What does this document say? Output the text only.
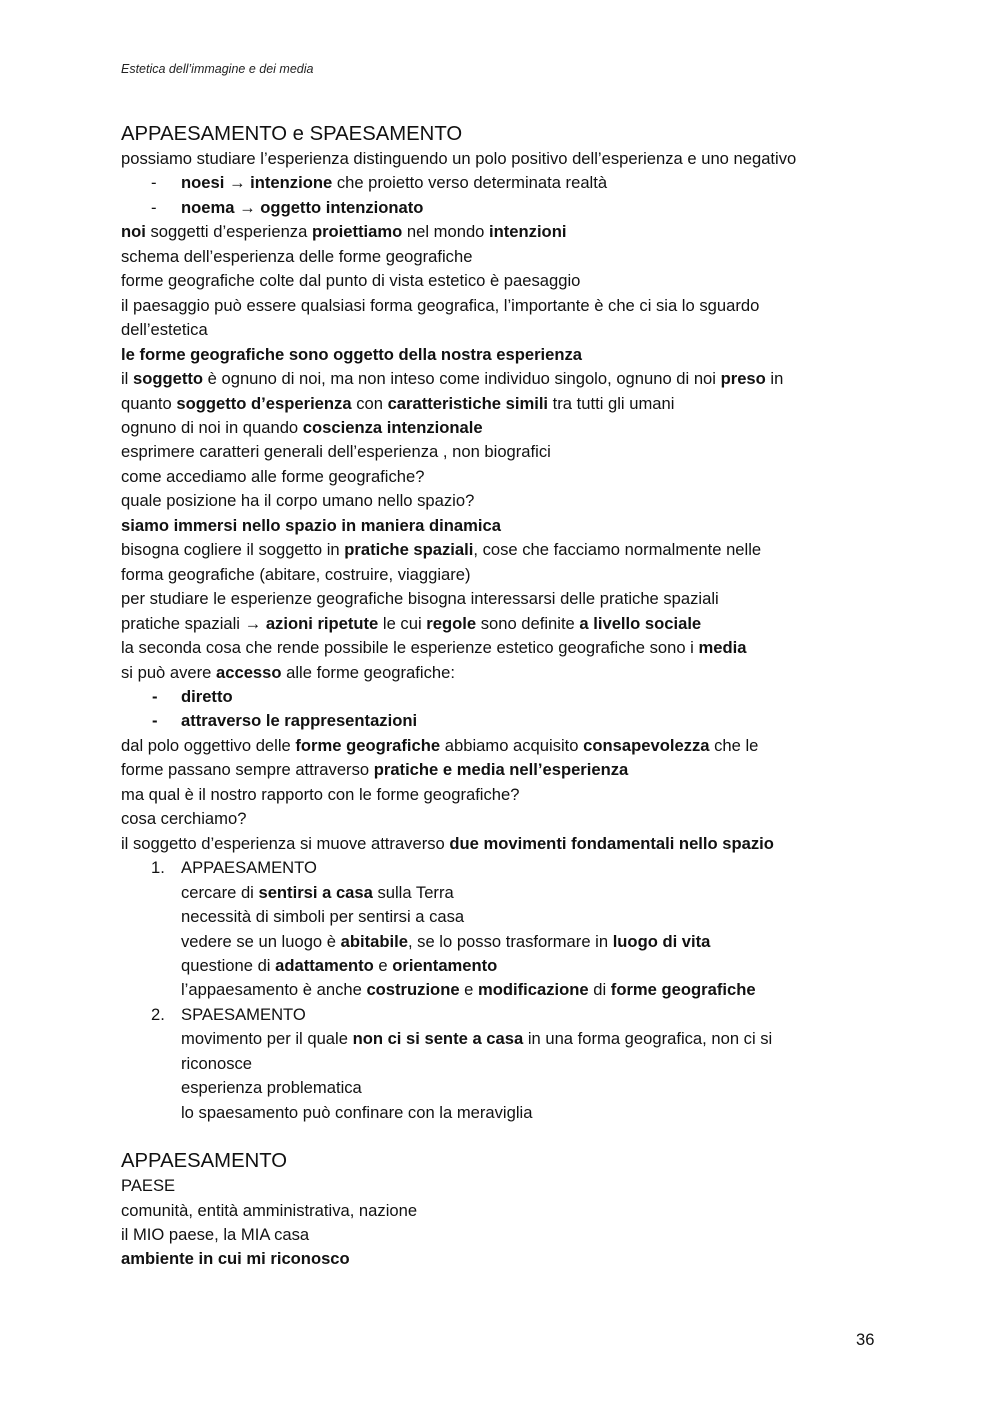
Estetica dell’immagine e dei media
APPAESAMENTO e SPAESAMENTO
possiamo studiare l’esperienza distinguendo un polo positivo dell’esperienza e uno negativo
- noesi → intenzione che proietto verso determinata realtà
- noema → oggetto intenzionato
noi soggetti d’esperienza proiettiamo nel mondo intenzioni
schema dell’esperienza delle forme geografiche
forme geografiche colte dal punto di vista estetico è paesaggio
il paesaggio può essere qualsiasi forma geografica, l’importante è che ci sia lo sguardo
dell’estetica
le forme geografiche sono oggetto della nostra esperienza
il soggetto è ognuno di noi, ma non inteso come individuo singolo, ognuno di noi preso in
quanto soggetto d’esperienza con caratteristiche simili tra tutti gli umani
ognuno di noi in quando coscienza intenzionale
esprimere caratteri generali dell’esperienza , non biografici
come accediamo alle forme geografiche?
quale posizione ha il corpo umano nello spazio?
siamo immersi nello spazio in maniera dinamica
bisogna cogliere il soggetto in pratiche spaziali, cose che facciamo normalmente nelle
forma geografiche (abitare, costruire, viaggiare)
per studiare le esperienze geografiche bisogna interessarsi delle pratiche spaziali
pratiche spaziali → azioni ripetute le cui regole sono definite a livello sociale
la seconda cosa che rende possibile le esperienze estetico geografiche sono i media
si può avere accesso alle forme geografiche:
- diretto
- attraverso le rappresentazioni
dal polo oggettivo delle forme geografiche abbiamo acquisito consapevolezza che le
forme passano sempre attraverso pratiche e media nell’esperienza
ma qual è il nostro rapporto con le forme geografiche?
cosa cerchiamo?
il soggetto d’esperienza si muove attraverso due movimenti fondamentali nello spazio
1. APPAESAMENTO
cercare di sentirsi a casa sulla Terra
necessità di simboli per sentirsi a casa
vedere se un luogo è abitabile, se lo posso trasformare in luogo di vita
questione di adattamento e orientamento
l’appaesamento è anche costruzione e modificazione di forme geografiche
2. SPAESAMENTO
movimento per il quale non ci si sente a casa in una forma geografica, non ci si
riconosce
esperienza problematica
lo spaesamento può confinare con la meraviglia
APPAESAMENTO
PAESE
comunità, entità amministrativa, nazione
il MIO paese, la MIA casa
ambiente in cui mi riconosco
36
